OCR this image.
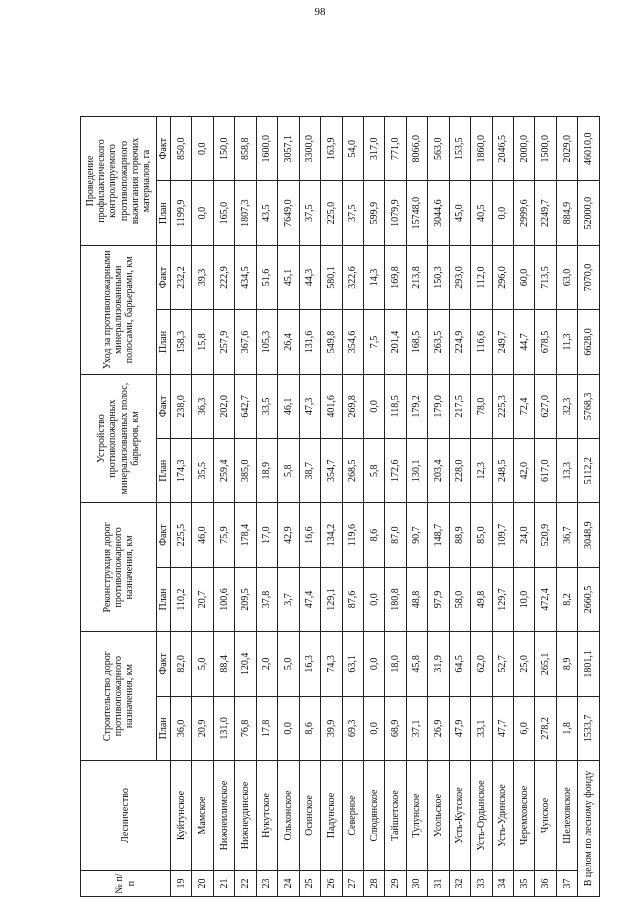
98
№ п/п	Лесничество	Строительство дорог противопожарного назначения, км		Реконструкция дорог противопожарного назначения, км		Устройство противопожарных минерализованных полос, барьеров, км		Уход за противопожарными минерализованными полосами, барьерами, км		Проведение профилактического контролируемого противопожарного выжигания горючих материалов, га	
		План	Факт	План	Факт	План	Факт	План	Факт	План	Факт
19	Куйтунское	36,0	82,0	110,2	225,5	174,3	238,0	158,3	232,2	1199,9	850,0
20	Мамское	20,9	5,0	20,7	46,0	35,5	36,3	15,8	39,3	0,0	0,0
21	Нижнеилимское	131,0	88,4	100,6	75,9	259,4	202,0	257,9	222,9	165,0	150,0
22	Нижнеудинское	76,8	120,4	209,5	178,4	385,0	642,7	367,6	434,5	1807,3	858,8
23	Нукутское	17,8	2,0	37,8	17,0	18,9	33,5	105,3	51,6	43,5	1600,0
24	Ольхонское	0,0	5,0	3,7	42,9	5,8	46,1	26,4	45,1	7649,0	3057,1
25	Осинское	8,6	16,3	47,4	16,6	38,7	47,3	131,6	44,3	37,5	3300,0
26	Падунское	39,9	74,3	129,1	134,2	354,7	401,6	549,8	580,1	225,0	163,9
27	Северное	69,3	63,1	87,6	119,6	268,5	269,8	354,6	322,6	37,5	54,0
28	Слюдянское	0,0	0,0	0,0	8,6	5,8	0,0	7,5	14,3	599,9	317,0
29	Тайшетское	68,9	18,0	180,8	87,0	172,6	118,5	201,4	169,8	1079,9	771,0
30	Тулунское	37,1	45,8	48,8	90,7	130,1	179,2	168,5	213,8	15748,0	8066,0
31	Усольское	26,9	31,9	97,9	148,7	203,4	179,0	263,5	150,3	3044,6	563,0
32	Усть-Кутское	47,9	64,5	58,0	88,9	228,0	217,5	224,9	293,0	45,0	153,5
33	Усть-Ордынское	33,1	62,0	49,8	85,0	12,3	78,0	116,6	112,0	40,5	1860,0
34	Усть-Удинское	47,7	52,7	129,7	109,7	248,5	225,3	249,7	296,0	0,0	2046,5
35	Черемховское	6,0	25,0	10,0	24,0	42,0	72,4	44,7	60,0	2999,6	2000,0
36	Чунское	278,2	265,1	472,4	520,9	617,0	627,0	678,5	713,5	2249,7	1500,0
37	Шелеховское	1,8	8,9	8,2	36,7	13,3	32,3	11,3	63,0	884,9	2029,0
В целом по лесному фонду		1533,7	1801,1	2660,5	3048,9	5112,2	5768,3	6628,0	7070,0	52000,0	46010,0
